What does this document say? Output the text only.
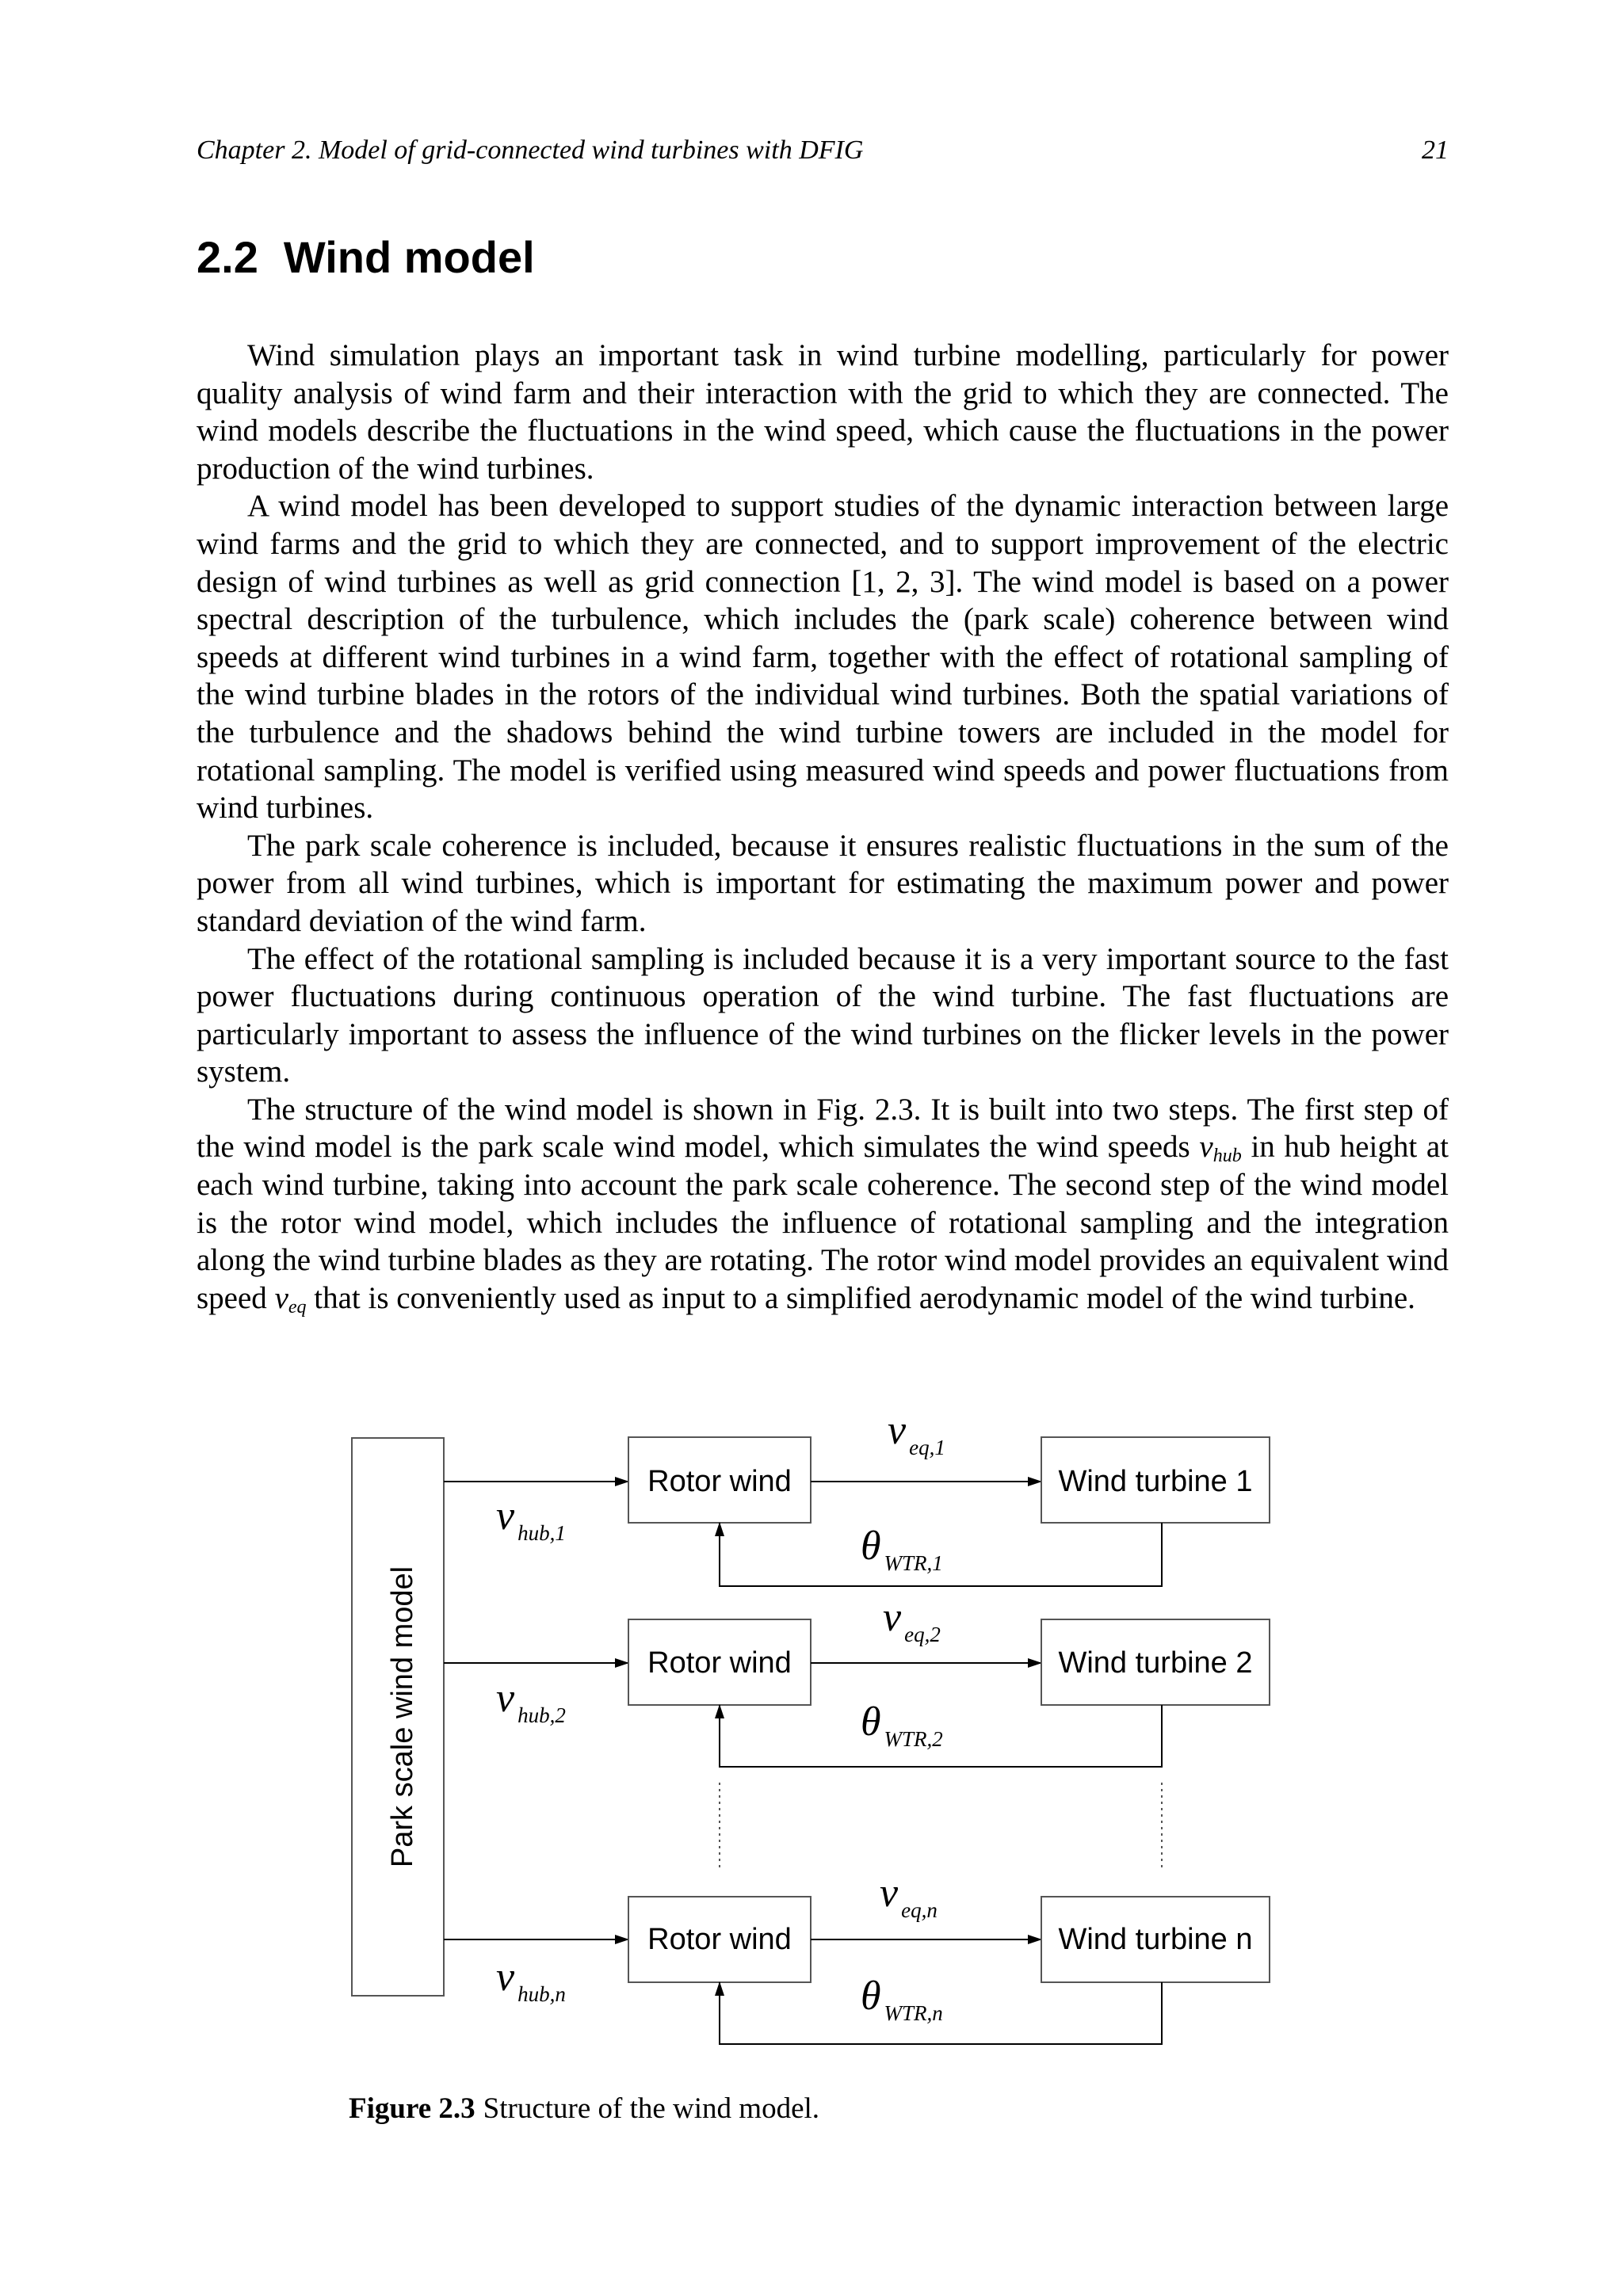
Chapter 2. Model of grid-connected wind turbines with DFIG	21
2.2 Wind model

Wind simulation plays an important task in wind turbine modelling, particularly for power quality analysis of wind farm and their interaction with the grid to which they are connected. The wind models describe the fluctuations in the wind speed, which cause the fluctuations in the power production of the wind turbines.

A wind model has been developed to support studies of the dynamic interaction between large wind farms and the grid to which they are connected, and to support improvement of the electric design of wind turbines as well as grid connection [1, 2, 3]. The wind model is based on a power spectral description of the turbulence, which includes the (park scale) coherence between wind speeds at different wind turbines in a wind farm, together with the effect of rotational sampling of the wind turbine blades in the rotors of the individual wind turbines. Both the spatial variations of the turbulence and the shadows behind the wind turbine towers are included in the model for rotational sampling. The model is verified using measured wind speeds and power fluctuations from wind turbines.

The park scale coherence is included, because it ensures realistic fluctuations in the sum of the power from all wind turbines, which is important for estimating the maximum power and power standard deviation of the wind farm.

The effect of the rotational sampling is included because it is a very important source to the fast power fluctuations during continuous operation of the wind turbine. The fast fluctuations are particularly important to assess the influence of the wind turbines on the flicker levels in the power system.

The structure of the wind model is shown in Fig. 2.3. It is built into two steps. The first step of the wind model is the park scale wind model, which simulates the wind speeds $v_{hub}$ in hub height at each wind turbine, taking into account the park scale coherence. The second step of the wind model is the rotor wind model, which includes the influence of rotational sampling and the integration along the wind turbine blades as they are rotating. The rotor wind model provides an equivalent wind speed $v_{eq}$ that is conveniently used as input to a simplified aerodynamic model of the wind turbine.

Park scale wind model
Rotor wind	Wind turbine 1
vhub,1
veq,1
θWTR,1
Rotor wind	Wind turbine 2
vhub,2
veq,2
θWTR,2
Rotor wind	Wind turbine n
vhub,n
veq,n
θWTR,n
Figure 2.3 Structure of the wind model.
